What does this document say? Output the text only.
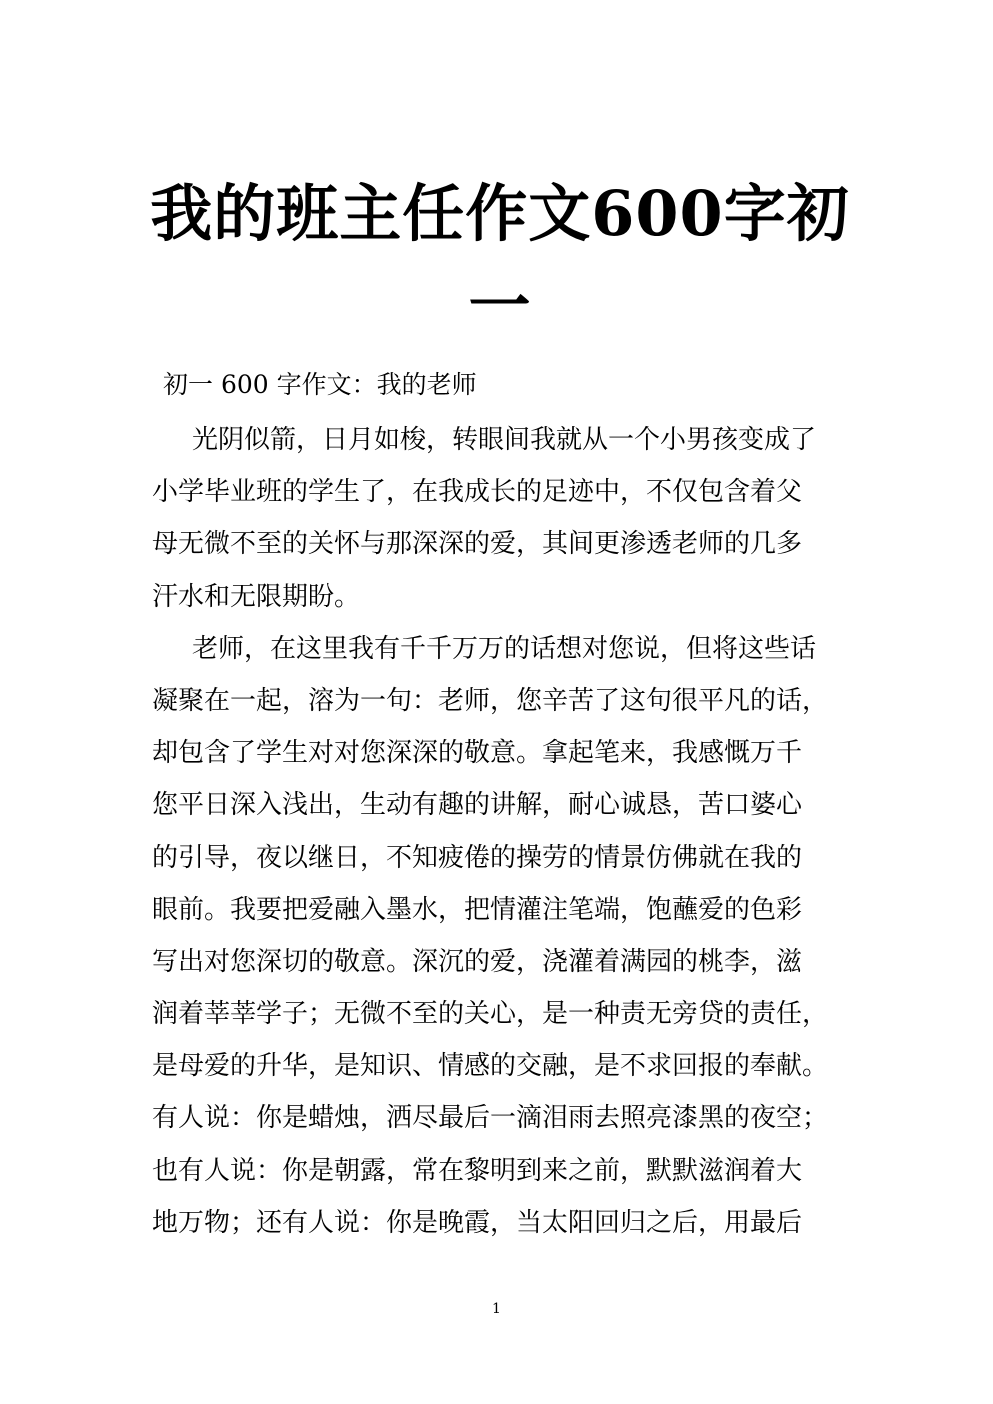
我的班主任作文600字初一
初一 600 字作文：我的老师
光阴似箭，日月如梭，转眼间我就从一个小男孩变成了
小学毕业班的学生了，在我成长的足迹中，不仅包含着父
母无微不至的关怀与那深深的爱，其间更渗透老师的几多
汗水和无限期盼。
老师，在这里我有千千万万的话想对您说，但将这些话
凝聚在一起，溶为一句：老师，您辛苦了这句很平凡的话，
却包含了学生对对您深深的敬意。拿起笔来，我感慨万千
您平日深入浅出，生动有趣的讲解，耐心诚恳，苦口婆心
的引导，夜以继日，不知疲倦的操劳的情景仿佛就在我的
眼前。我要把爱融入墨水，把情灌注笔端，饱蘸爱的色彩
写出对您深切的敬意。深沉的爱，浇灌着满园的桃李，滋
润着莘莘学子；无微不至的关心，是一种责无旁贷的责任，
是母爱的升华，是知识、情感的交融，是不求回报的奉献。
有人说：你是蜡烛，洒尽最后一滴泪雨去照亮漆黑的夜空；
也有人说：你是朝露，常在黎明到来之前，默默滋润着大
地万物；还有人说：你是晚霞，当太阳回归之后，用最后
1
